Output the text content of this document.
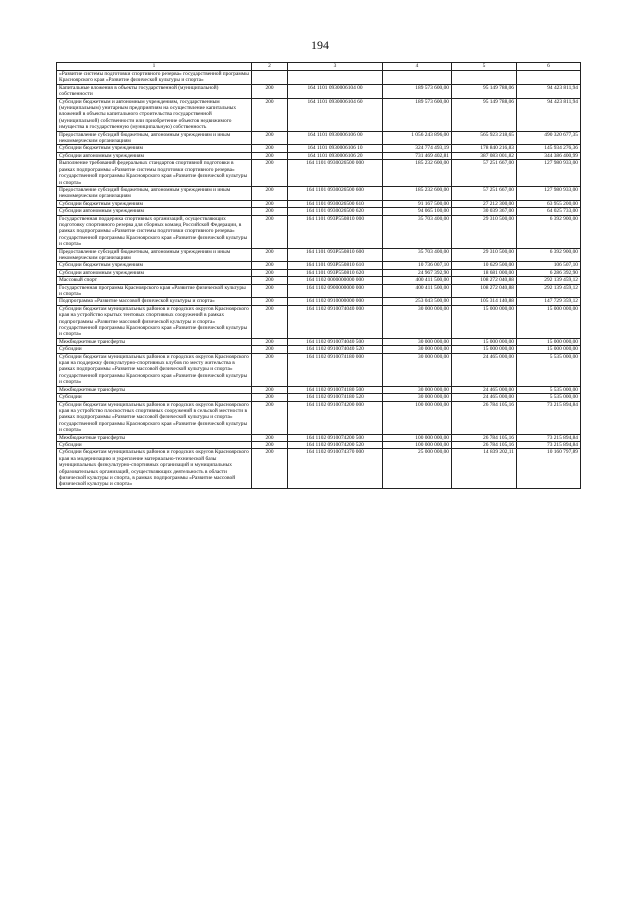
194
1	2	3	4	5	6
«Развитие системы подготовки спортивного резерва» государственной программы Красноярского края «Развитие физической культуры и спорта»					
Капитальные вложения в объекты государственной (муниципальной) собственности	200	164 1101 0930006104 00	189 573 600,00	95 149 788,06	94 423 811,94
Субсидии бюджетным и автономным учреждениям, государственным (муниципальным) унитарным предприятиям на осуществление капитальных вложений в объекты капитального строительства государственной (муниципальной) собственности или приобретение объектов недвижимого имущества в государственную (муниципальную) собственность	200	164 1101 0930006104 60	189 573 600,00	95 149 788,06	94 423 811,94
Предоставление субсидий бюджетным, автономным учреждениям и иным некоммерческим организациям	200	164 1101 0930006106 00	1 056 243 896,00	565 923 218,65	490 320 677,35
Субсидии бюджетным учреждениям	200	164 1101 0930006106 10	324 774 493,19	178 840 216,83	145 934 276,36
Субсидии автономным учреждениям	200	164 1101 0930006106 20	731 469 402,81	387 083 001,82	344 386 400,99
Выполнение требований федеральных стандартов спортивной подготовки в рамках подпрограммы «Развитие системы подготовки спортивного резерва» государственной программы Красноярского края «Развитие физической культуры и спорта»	200	164 1101 0930026500 000	185 232 600,00	57 251 667,00	127 980 933,00
Предоставление субсидий бюджетным, автономным учреждениям и иным некоммерческим организациям	200	164 1101 0930026500 600	185 232 600,00	57 251 667,00	127 980 933,00
Субсидии бюджетным учреждениям	200	164 1101 0930026500 610	91 167 500,00	27 212 300,00	63 955 200,00
Субсидии автономным учреждениям	200	164 1101 0930026500 620	94 065 100,00	30 039 367,00	64 025 733,00
Государственная поддержка спортивных организаций, осуществляющих подготовку спортивного резерва для сборных команд Российской Федерации, в рамках подпрограммы «Развитие системы подготовки спортивного резерва» государственной программы Красноярского края «Развитие физической культуры и спорта»	200	164 1101 093P550810 000	35 703 400,00	29 310 500,00	6 392 900,00
Предоставление субсидий бюджетным, автономным учреждениям и иным некоммерческим организациям	200	164 1101 093P550810 600	35 703 400,00	29 310 500,00	6 392 900,00
Субсидии бюджетным учреждениям	200	164 1101 093P550810 610	10 736 007,10	10 629 500,00	106 507,10
Субсидии автономным учреждениям	200	164 1101 093P550810 620	24 967 392,90	18 681 000,00	6 286 392,90
Массовый спорт	200	164 1102 0000000000 000	400 411 500,00	108 272 040,88	292 139 459,12
Государственная программа Красноярского края «Развитие физической культуры и спорта»	200	164 1102 0900000000 000	400 411 500,00	108 272 040,88	292 139 459,12
Подпрограмма «Развитие массовой физической культуры и спорта»	200	164 1102 0910000000 000	253 043 500,00	105 314 140,88	147 729 359,12
Субсидии бюджетам муниципальных районов и городских округов Красноярского края на устройство крытых тентовых спортивных сооружений в рамках подпрограммы «Развитие массовой физической культуры и спорта» государственной программы Красноярского края «Развитие физической культуры и спорта»	200	164 1102 0910074040 000	30 000 000,00	15 000 000,00	15 000 000,00
Межбюджетные трансферты	200	164 1102 0910074040 500	30 000 000,00	15 000 000,00	15 000 000,00
Субсидии	200	164 1102 0910074040 520	30 000 000,00	15 000 000,00	15 000 000,00
Субсидии бюджетам муниципальных районов и городских округов Красноярского края на поддержку физкультурно-спортивных клубов по месту жительства в рамках подпрограммы «Развитие массовой физической культуры и спорта» государственной программы Красноярского края «Развитие физической культуры и спорта»	200	164 1102 0910074180 000	30 000 000,00	24 465 000,00	5 535 000,00
Межбюджетные трансферты	200	164 1102 0910074180 500	30 000 000,00	24 465 000,00	5 535 000,00
Субсидии	200	164 1102 0910074180 520	30 000 000,00	24 465 000,00	5 535 000,00
Субсидии бюджетам муниципальных районов и городских округов Красноярского края на устройство плоскостных спортивных сооружений в сельской местности в рамках подпрограммы «Развитие массовой физической культуры и спорта» государственной программы Красноярского края «Развитие физической культуры и спорта»	200	164 1102 0910074200 000	100 000 000,00	26 784 105,16	73 215 894,84
Межбюджетные трансферты	200	164 1102 0910074200 500	100 000 000,00	26 784 105,16	73 215 894,84
Субсидии	200	164 1102 0910074200 520	100 000 000,00	26 784 105,16	73 215 894,84
Субсидии бюджетам муниципальных районов и городских округов Красноярского края на модернизацию и укрепление материально-технической базы муниципальных физкультурно-спортивных организаций и муниципальных образовательных организаций, осуществляющих деятельность в области физической культуры и спорта, в рамках подпрограммы «Развитие массовой физической культуры и спорта»	200	164 1102 0910074370 000	25 000 000,00	14 839 202,11	10 160 797,89
